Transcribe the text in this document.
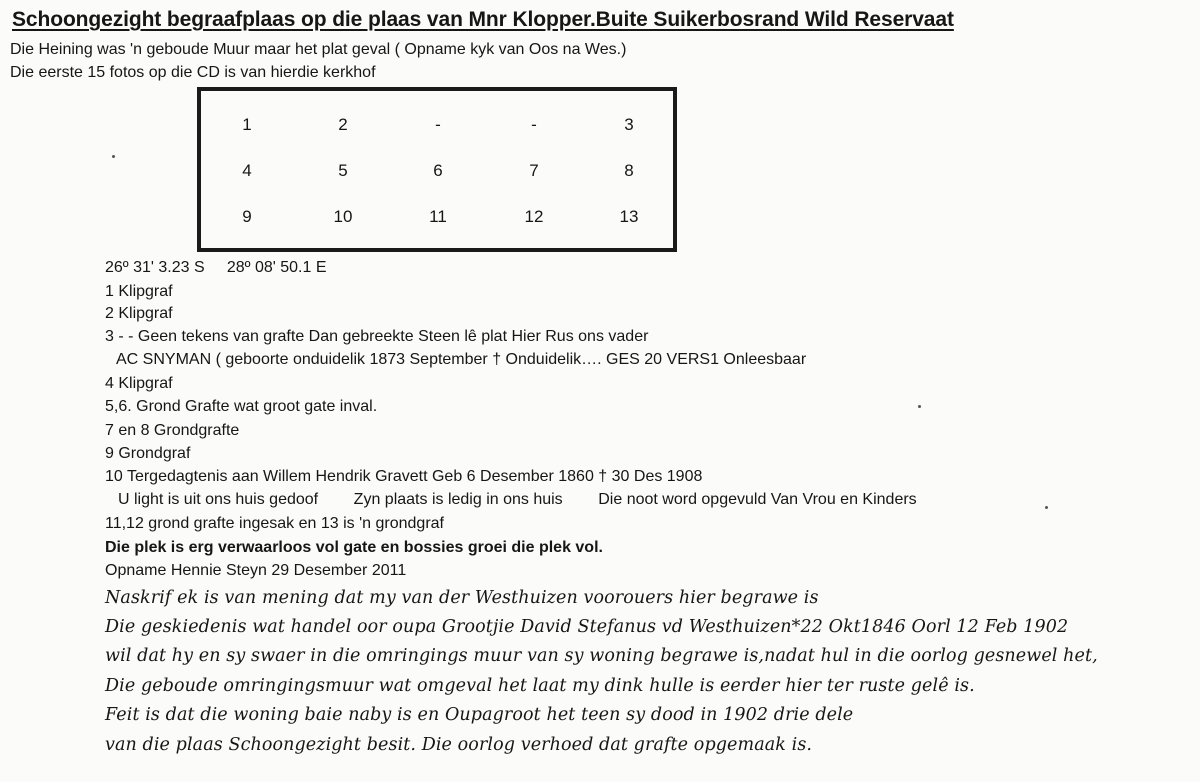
Schoongezight begraafplaas op die plaas van Mnr Klopper.Buite Suikerbosrand Wild Reservaat
Die Heining was 'n geboude Muur maar het plat geval ( Opname kyk van Oos na Wes.)
Die eerste 15 fotos op die CD is van hierdie kerkhof
1	2	-	-	3
4	5	6	7	8
9	10	11	12	13
26º 31' 3.23 S     28º 08' 50.1 E
1 Klipgraf
2 Klipgraf
3 - - Geen tekens van grafte Dan gebreekte Steen lê plat Hier Rus ons vader
AC SNYMAN ( geboorte onduidelik 1873 September † Onduidelik…. GES 20 VERS1 Onleesbaar
4 Klipgraf
5,6. Grond Grafte wat groot gate inval.
7 en 8 Grondgrafte
9 Grondgraf
10 Tergedagtenis aan Willem Hendrik Gravett Geb 6 Desember 1860 † 30 Des 1908
U light is uit ons huis gedoof        Zyn plaats is ledig in ons huis        Die noot word opgevuld Van Vrou en Kinders
11,12 grond grafte ingesak en 13 is 'n grondgraf
Die plek is erg verwaarloos vol gate en bossies groei die plek vol.
Opname Hennie Steyn 29 Desember 2011
Naskrif ek is van mening dat my van der Westhuizen voorouers hier begrawe is
Die geskiedenis wat handel oor oupa Grootjie David Stefanus vd Westhuizen*22 Okt1846 Oorl 12 Feb 1902
wil dat hy en sy swaer in die omringings muur van sy woning begrawe is,nadat hul in die oorlog gesnewel het,
Die geboude omringingsmuur wat omgeval het laat my dink hulle is eerder hier ter ruste gelê is.
Feit is dat die woning baie naby is en Oupagroot het teen sy dood in 1902 drie dele
van die plaas Schoongezight besit. Die oorlog verhoed dat grafte opgemaak is.
